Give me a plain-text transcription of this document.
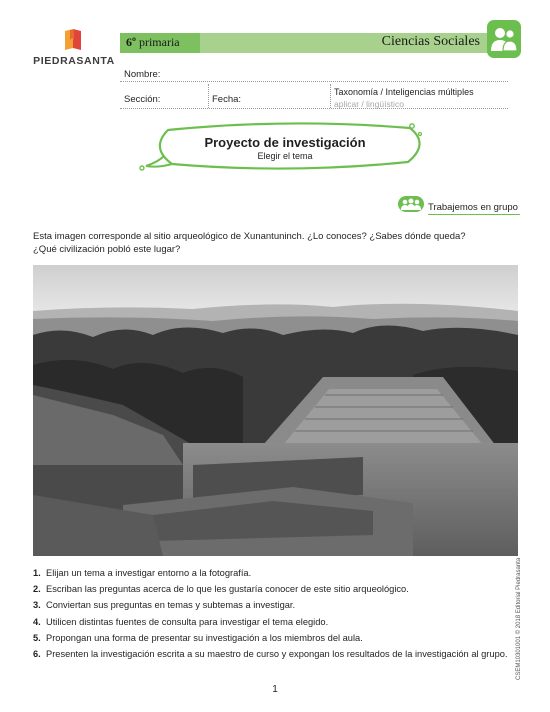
PIEDRASANTA
6º primaria	Ciencias Sociales
Nombre:
Sección:	Fecha:
Taxonomía / Inteligencias múltiples
aplicar / lingüístico
Proyecto de investigación
Elegir el tema
Trabajemos en grupo
Esta imagen corresponde al sitio arqueológico de Xunantuninch. ¿Lo conoces? ¿Sabes dónde queda?
¿Qué civilización pobló este lugar?
1. Elijan un tema a investigar entorno a la fotografía.
2. Escriban las preguntas acerca de lo que les gustaría conocer de este sitio arqueológico.
3. Conviertan sus preguntas en temas y subtemas a investigar.
4. Utilicen distintas fuentes de consulta para investigar el tema elegido.
5. Propongan una forma de presentar su investigación a los miembros del aula.
6. Presenten la investigación escrita a su maestro de curso y expongan los resultados de la investigación al grupo. CSEM10301001 © 2018 Editorial Piedrasanta
1
